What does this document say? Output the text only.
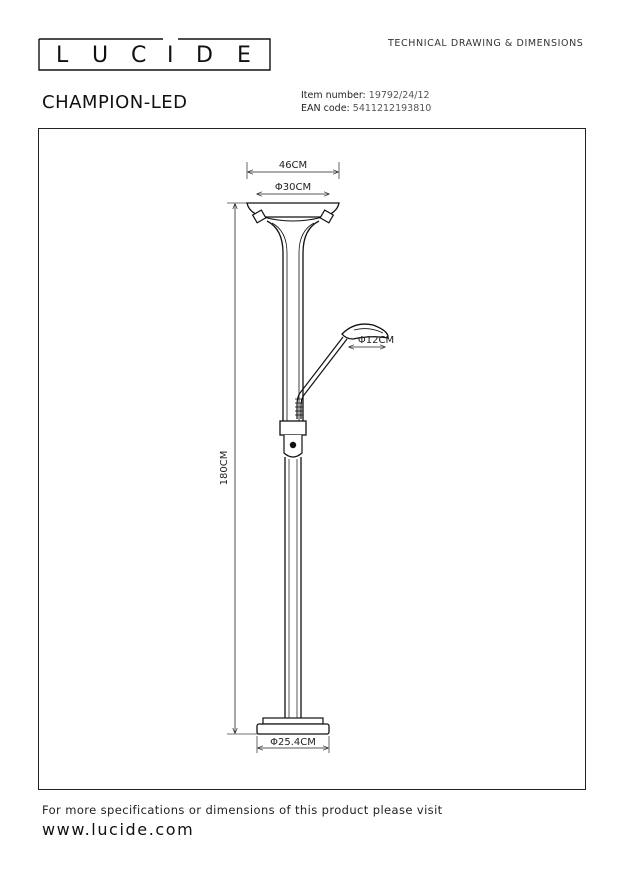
L U C I D E	TECHNICAL DRAWING & DIMENSIONS
CHAMPION-LED	Item number: 19792/24/12
EAN code: 5411212193810
46CM
Φ30CM
180CM
Φ12CM
Φ25.4CM
For more specifications or dimensions of this product please visit
www.lucide.com
